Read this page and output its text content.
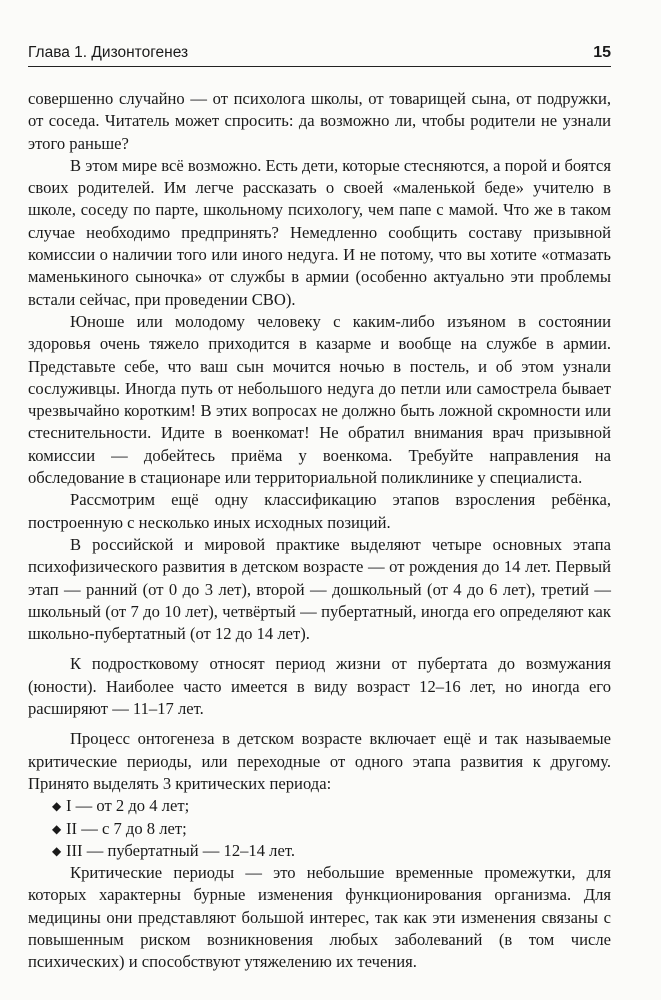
Глава 1. Дизонтогенез	15

совершенно случайно — от психолога школы, от товарищей сына, от подружки, от соседа. Читатель может спросить: да возможно ли, чтобы родители не узнали этого раньше?

В этом мире всё возможно. Есть дети, которые стесняются, а порой и боятся своих родителей. Им легче рассказать о своей «маленькой беде» учителю в школе, соседу по парте, школьному психологу, чем папе с мамой. Что же в таком случае необходимо предпринять? Немедленно сообщить составу призывной комиссии о наличии того или иного недуга. И не потому, что вы хотите «отмазать маменькиного сыночка» от службы в армии (особенно актуально эти проблемы встали сейчас, при проведении СВО).

Юноше или молодому человеку с каким-либо изъяном в состоянии здоровья очень тяжело приходится в казарме и вообще на службе в армии. Представьте себе, что ваш сын мочится ночью в постель, и об этом узнали сослуживцы. Иногда путь от небольшого недуга до петли или самострела бывает чрезвычайно коротким! В этих вопросах не должно быть ложной скромности или стеснительности. Идите в военкомат! Не обратил внимания врач призывной комиссии — добейтесь приёма у военкома. Требуйте направления на обследование в стационаре или территориальной поликлинике у специалиста.

Рассмотрим ещё одну классификацию этапов взросления ребёнка, построенную с несколько иных исходных позиций.

В российской и мировой практике выделяют четыре основных этапа психофизического развития в детском возрасте — от рождения до 14 лет. Первый этап — ранний (от 0 до 3 лет), второй — дошкольный (от 4 до 6 лет), третий — школьный (от 7 до 10 лет), четвёртый — пубертатный, иногда его определяют как школьно-пубертатный (от 12 до 14 лет).

К подростковому относят период жизни от пубертата до возмужания (юности). Наиболее часто имеется в виду возраст 12–16 лет, но иногда его расширяют — 11–17 лет.

Процесс онтогенеза в детском возрасте включает ещё и так называемые критические периоды, или переходные от одного этапа развития к другому. Принято выделять 3 критических периода:

◆ I — от 2 до 4 лет;
◆ II — с 7 до 8 лет;
◆ III — пубертатный — 12–14 лет.

Критические периоды — это небольшие временные промежутки, для которых характерны бурные изменения функционирования организма. Для медицины они представляют большой интерес, так как эти изменения связаны с повышенным риском возникновения любых заболеваний (в том числе психических) и способствуют утяжелению их течения.
